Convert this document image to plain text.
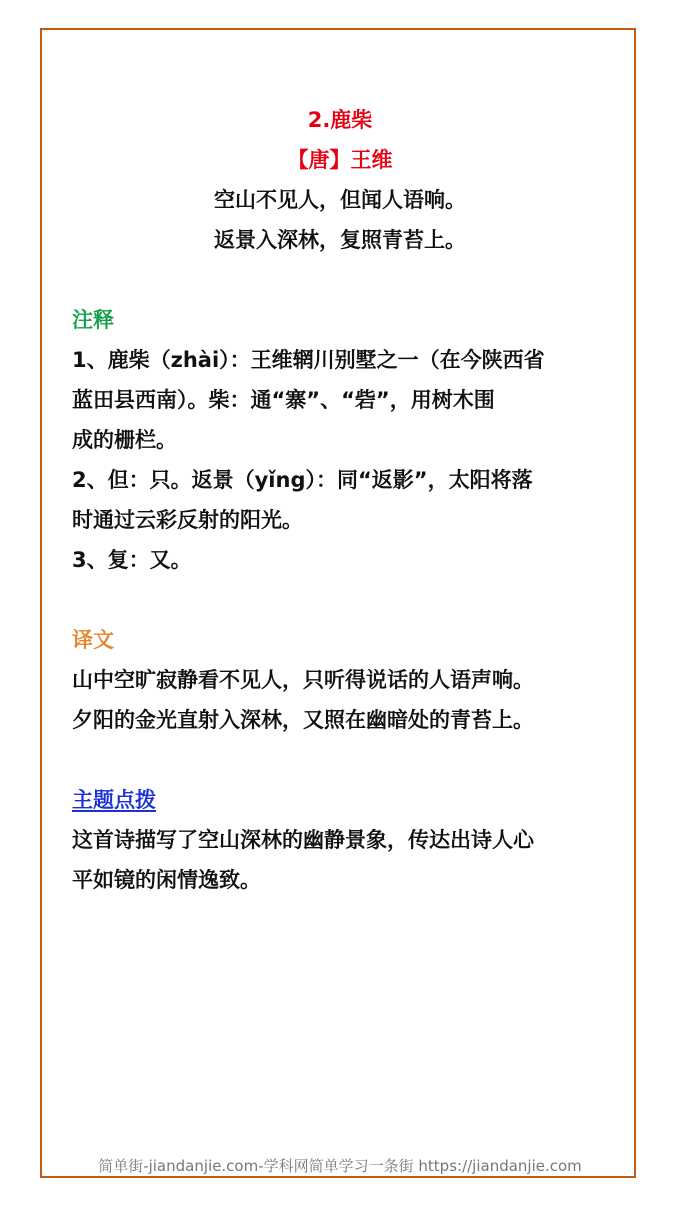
2.鹿柴
【唐】王维
空山不见人，但闻人语响。
返景入深林，复照青苔上。
注释
1、鹿柴（zhài）：王维辋川别墅之一（在今陕西省
蓝田县西南）。柴：通“寨”、“砦”，用树木围
成的栅栏。
2、但：只。返景（yǐng）：同“返影”，太阳将落
时通过云彩反射的阳光。
3、复：又。
译文
山中空旷寂静看不见人，只听得说话的人语声响。
夕阳的金光直射入深林，又照在幽暗处的青苔上。
主题点拨
这首诗描写了空山深林的幽静景象，传达出诗人心
平如镜的闲情逸致。
简单街-jiandanjie.com-学科网简单学习一条街 https://jiandanjie.com
